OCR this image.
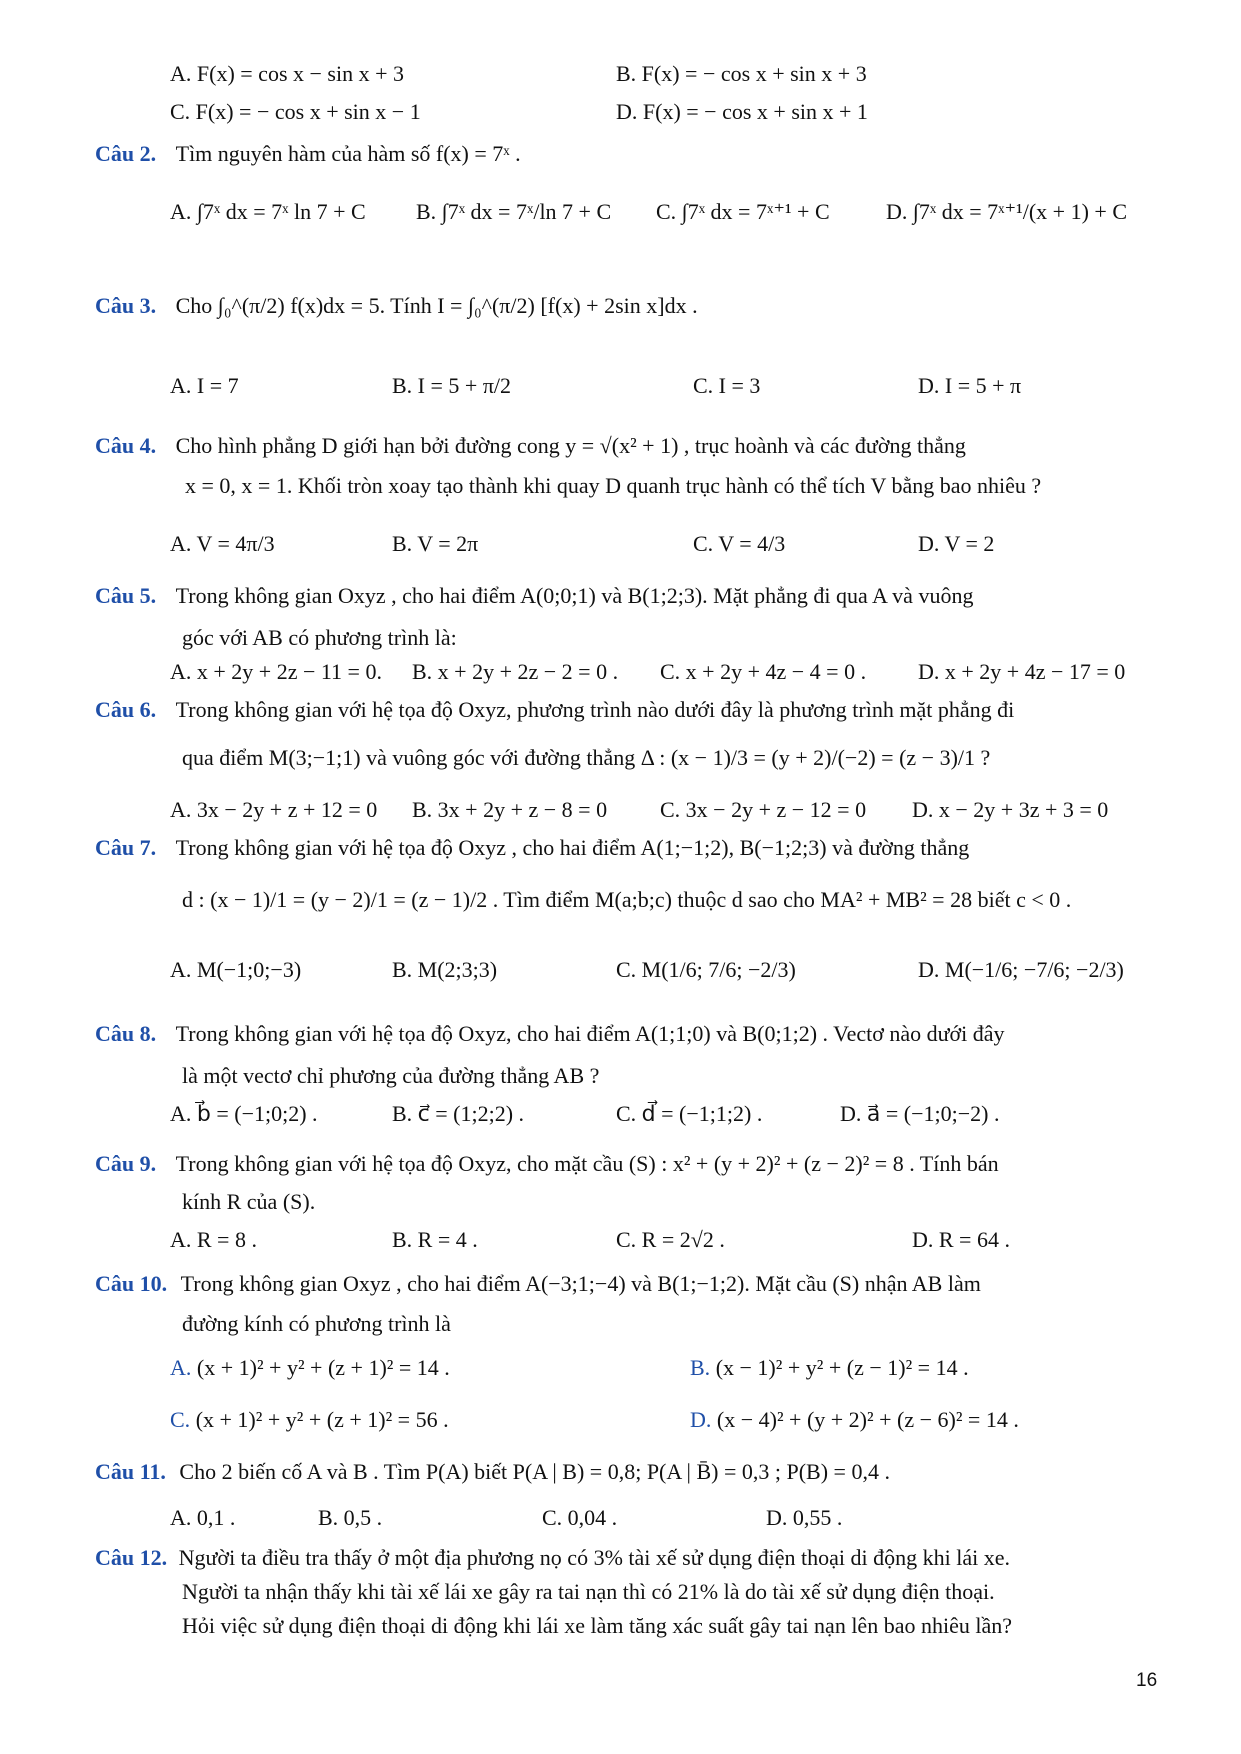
A. F(x) = cos x − sin x + 3	B. F(x) = − cos x + sin x + 3
C. F(x) = − cos x + sin x − 1	D. F(x) = − cos x + sin x + 1
Câu 2. Tìm nguyên hàm của hàm số f(x) = 7ˣ .
A. ∫7ˣ dx = 7ˣ ln 7 + C B. ∫7ˣ dx = 7ˣ/ln 7 + C C. ∫7ˣ dx = 7ˣ⁺¹ + C	D. ∫7ˣ dx = 7ˣ⁺¹/(x + 1) + C
Câu 3. Cho ∫₀^(π/2) f(x)dx = 5. Tính I = ∫₀^(π/2) [f(x) + 2sin x]dx .
A. I = 7	B. I = 5 + π/2	C. I = 3	D. I = 5 + π
Câu 4. Cho hình phẳng D giới hạn bởi đường cong y = √(x² + 1) , trục hoành và các đường thẳng
x = 0, x = 1. Khối tròn xoay tạo thành khi quay D quanh trục hành có thể tích V bằng bao nhiêu ?
A. V = 4π/3	B. V = 2π	C. V = 4/3	D. V = 2
Câu 5. Trong không gian Oxyz , cho hai điểm A(0;0;1) và B(1;2;3). Mặt phẳng đi qua A và vuông
góc với AB có phương trình là:
A. x + 2y + 2z − 11 = 0. B. x + 2y + 2z − 2 = 0 . C. x + 2y + 4z − 4 = 0 . D. x + 2y + 4z − 17 = 0
Câu 6. Trong không gian với hệ tọa độ Oxyz, phương trình nào dưới đây là phương trình mặt phẳng đi
qua điểm M(3;−1;1) và vuông góc với đường thẳng Δ : (x − 1)/3 = (y + 2)/(−2) = (z − 3)/1 ?
A. 3x − 2y + z + 12 = 0 B. 3x + 2y + z − 8 = 0 C. 3x − 2y + z − 12 = 0 D. x − 2y + 3z + 3 = 0
Câu 7. Trong không gian với hệ tọa độ Oxyz , cho hai điểm A(1;−1;2), B(−1;2;3) và đường thẳng
d : (x − 1)/1 = (y − 2)/1 = (z − 1)/2 . Tìm điểm M(a;b;c) thuộc d sao cho MA² + MB² = 28 biết c < 0 .
A. M(−1;0;−3)	B. M(2;3;3)	C. M(1/6; 7/6; −2/3)	D. M(−1/6; −7/6; −2/3)
Câu 8. Trong không gian với hệ tọa độ Oxyz, cho hai điểm A(1;1;0) và B(0;1;2) . Vectơ nào dưới đây
là một vectơ chỉ phương của đường thẳng AB ?
A. b⃗ = (−1;0;2) .	B. c⃗ = (1;2;2) .	C. d⃗ = (−1;1;2) .	D. a⃗ = (−1;0;−2) .
Câu 9. Trong không gian với hệ tọa độ Oxyz, cho mặt cầu (S) : x² + (y + 2)² + (z − 2)² = 8 . Tính bán
kính R của (S).
A. R = 8 .	B. R = 4 .	C. R = 2√2 .	D. R = 64 .
Câu 10. Trong không gian Oxyz , cho hai điểm A(−3;1;−4) và B(1;−1;2). Mặt cầu (S) nhận AB làm
đường kính có phương trình là
A. (x + 1)² + y² + (z + 1)² = 14 .	B. (x − 1)² + y² + (z − 1)² = 14 .
C. (x + 1)² + y² + (z + 1)² = 56 .	D. (x − 4)² + (y + 2)² + (z − 6)² = 14 .
Câu 11. Cho 2 biến cố A và B . Tìm P(A) biết P(A | B) = 0,8; P(A | B̄) = 0,3 ; P(B) = 0,4 .
A. 0,1 .	B. 0,5 .	C. 0,04 .	D. 0,55 .
Câu 12. Người ta điều tra thấy ở một địa phương nọ có 3% tài xế sử dụng điện thoại di động khi lái xe.
Người ta nhận thấy khi tài xế lái xe gây ra tai nạn thì có 21% là do tài xế sử dụng điện thoại.
Hỏi việc sử dụng điện thoại di động khi lái xe làm tăng xác suất gây tai nạn lên bao nhiêu lần?
16
